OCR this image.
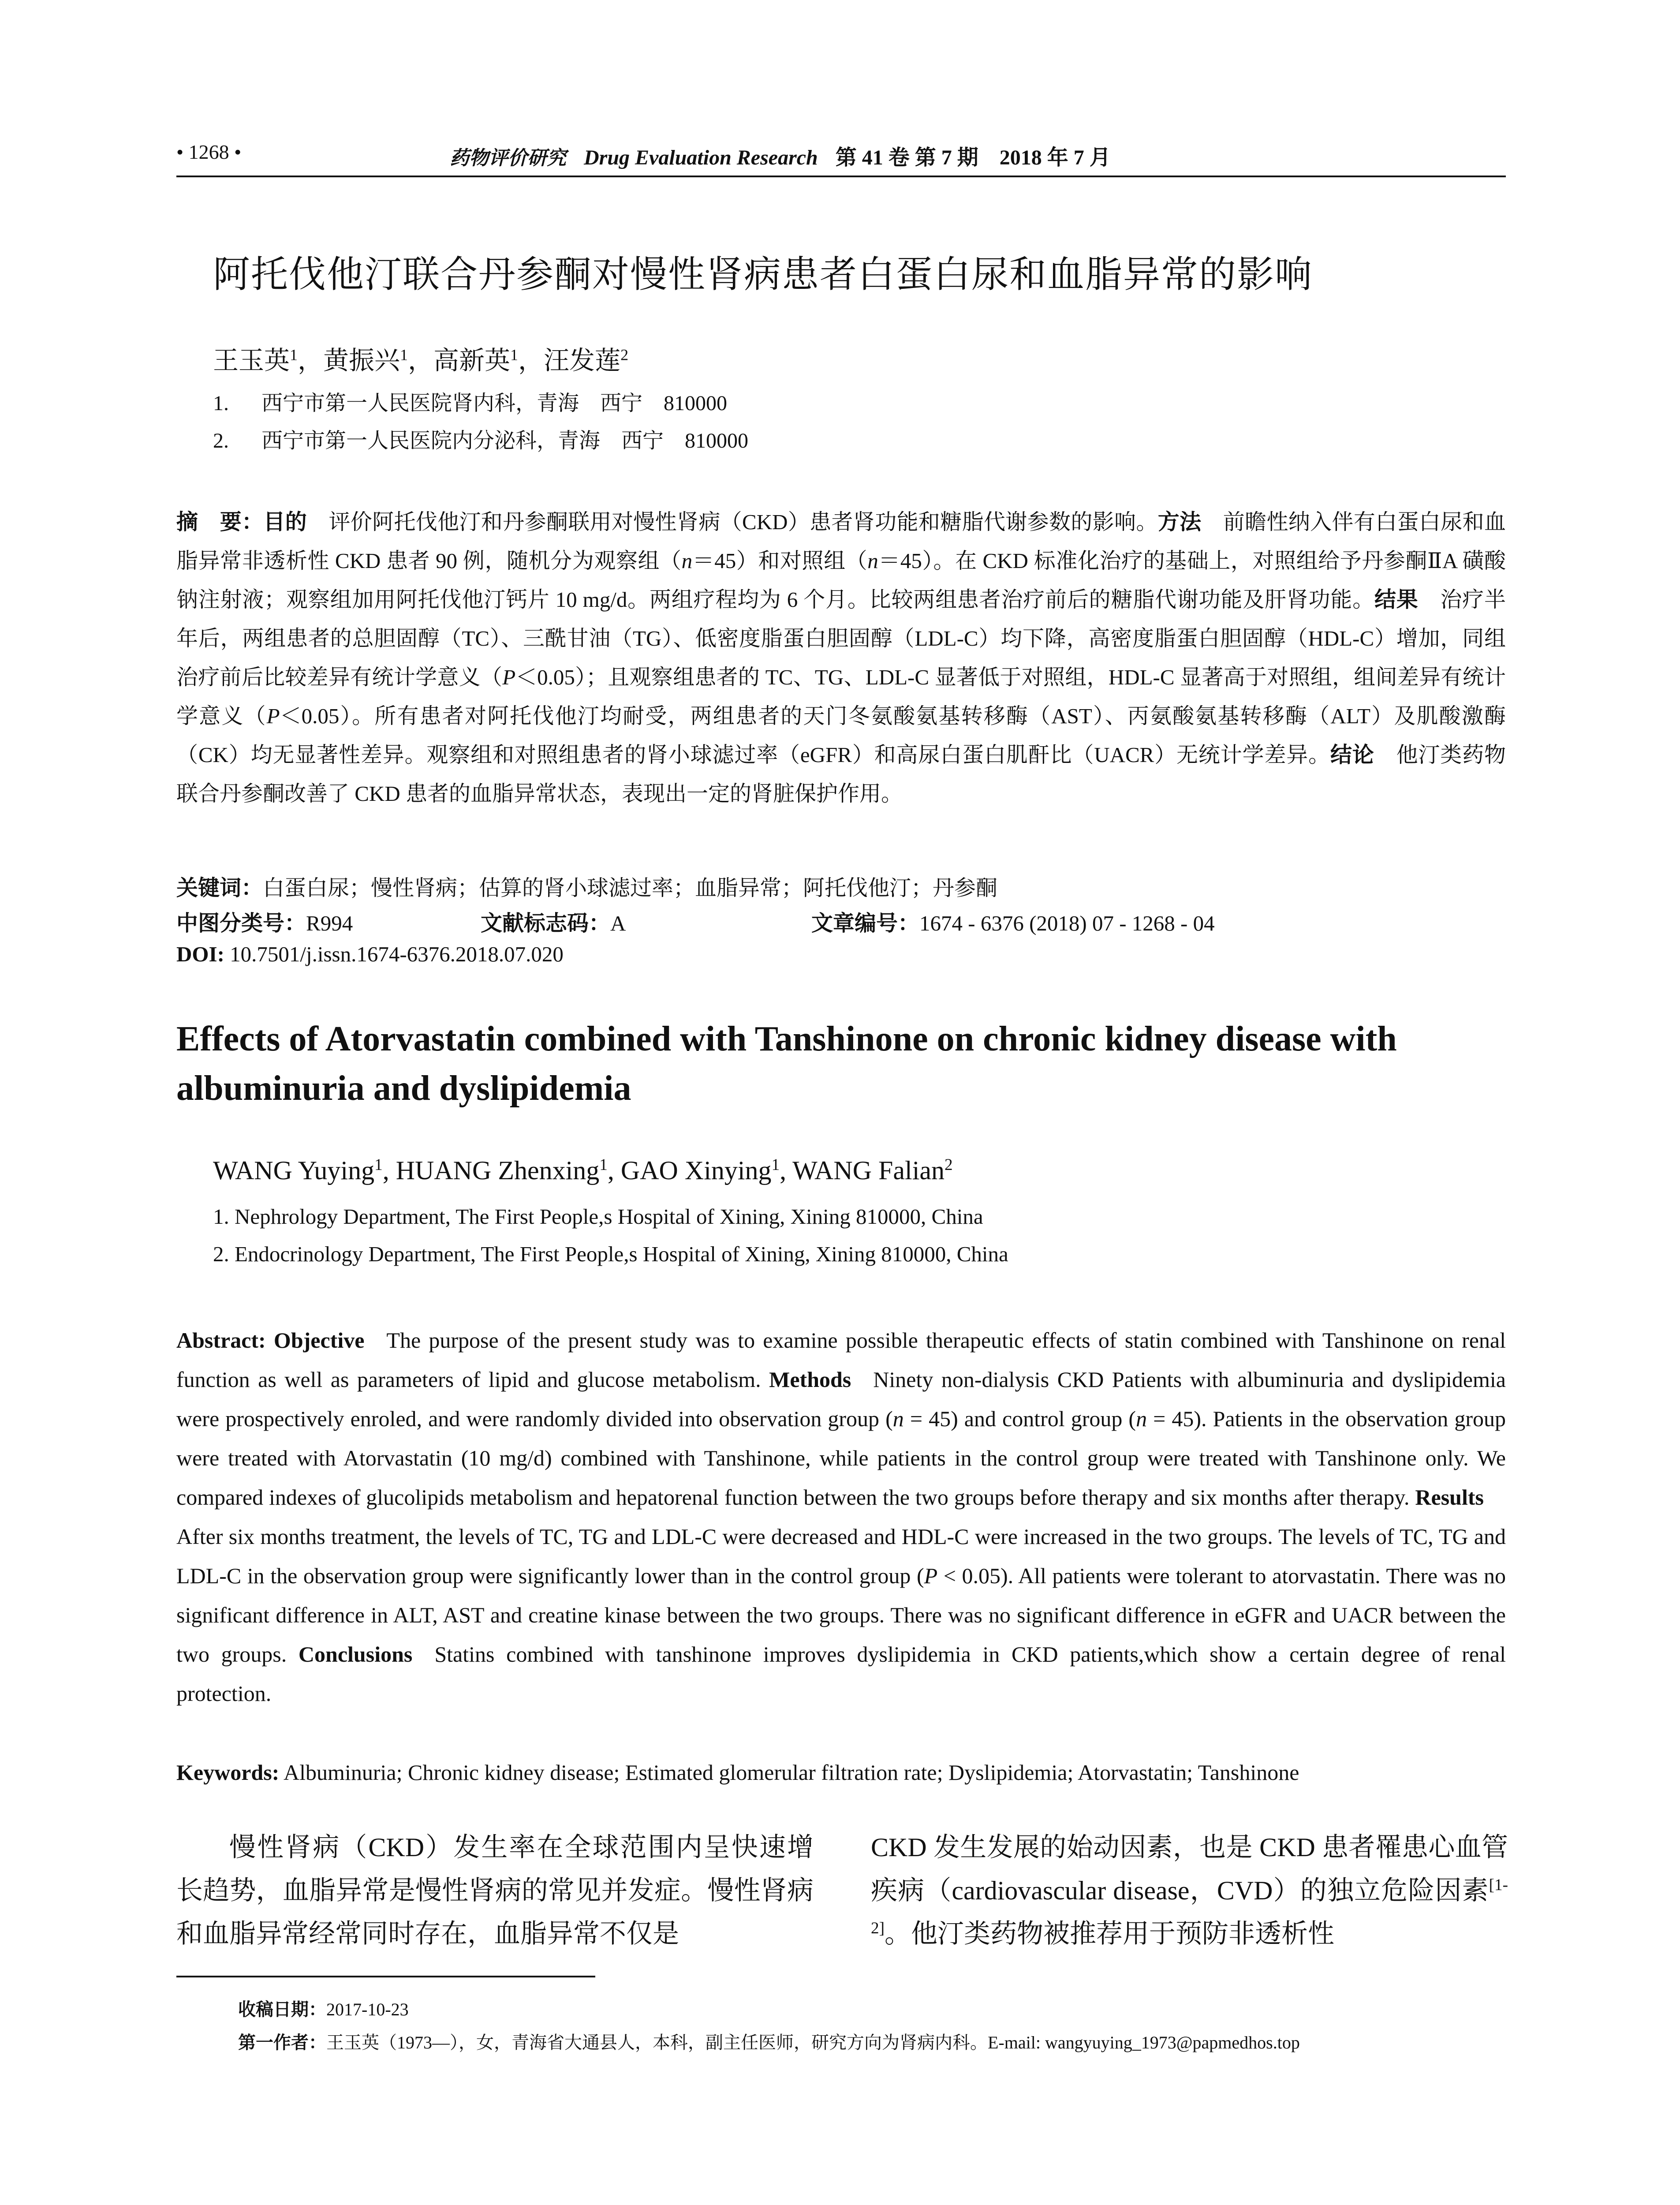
• 1268 •	药物评价研究 Drug Evaluation Research 第 41 卷 第 7 期　2018 年 7 月
阿托伐他汀联合丹参酮对慢性肾病患者白蛋白尿和血脂异常的影响
王玉英$^1$，黄振兴$^1$，高新英$^1$，汪发莲$^2$
1. 西宁市第一人民医院肾内科，青海　西宁　810000
2. 西宁市第一人民医院内分泌科，青海　西宁　810000
摘　要：目的　评价阿托伐他汀和丹参酮联用对慢性肾病（CKD）患者肾功能和糖脂代谢参数的影响。方法　前瞻性纳入伴有白蛋白尿和血脂异常非透析性 CKD 患者 90 例，随机分为观察组（n＝45）和对照组（n＝45）。在 CKD 标准化治疗的基础上，对照组给予丹参酮ⅡA 磺酸钠注射液；观察组加用阿托伐他汀钙片 10 mg/d。两组疗程均为 6 个月。比较两组患者治疗前后的糖脂代谢功能及肝肾功能。结果　治疗半年后，两组患者的总胆固醇（TC）、三酰甘油（TG）、低密度脂蛋白胆固醇（LDL-C）均下降，高密度脂蛋白胆固醇（HDL-C）增加，同组治疗前后比较差异有统计学意义（P＜0.05）；且观察组患者的 TC、TG、LDL-C 显著低于对照组，HDL-C 显著高于对照组，组间差异有统计学意义（P＜0.05）。所有患者对阿托伐他汀均耐受，两组患者的天门冬氨酸氨基转移酶（AST）、丙氨酸氨基转移酶（ALT）及肌酸激酶（CK）均无显著性差异。观察组和对照组患者的肾小球滤过率（eGFR）和高尿白蛋白肌酐比（UACR）无统计学差异。结论　他汀类药物联合丹参酮改善了 CKD 患者的血脂异常状态，表现出一定的肾脏保护作用。
关键词：白蛋白尿；慢性肾病；估算的肾小球滤过率；血脂异常；阿托伐他汀；丹参酮
中图分类号：R994	文献标志码：A	文章编号：1674 - 6376 (2018) 07 - 1268 - 04
DOI: 10.7501/j.issn.1674-6376.2018.07.020
Effects of Atorvastatin combined with Tanshinone on chronic kidney disease with albuminuria and dyslipidemia
WANG Yuying$^1$, HUANG Zhenxing$^1$, GAO Xinying$^1$, WANG Falian$^2$
1. Nephrology Department, The First People,s Hospital of Xining, Xining 810000, China
2. Endocrinology Department, The First People,s Hospital of Xining, Xining 810000, China
Abstract: Objective The purpose of the present study was to examine possible therapeutic effects of statin combined with Tanshinone on renal function as well as parameters of lipid and glucose metabolism. Methods Ninety non-dialysis CKD Patients with albuminuria and dyslipidemia were prospectively enroled, and were randomly divided into observation group (n = 45) and control group (n = 45). Patients in the observation group were treated with Atorvastatin (10 mg/d) combined with Tanshinone, while patients in the control group were treated with Tanshinone only. We compared indexes of glucolipids metabolism and hepatorenal function between the two groups before therapy and six months after therapy. ResultsAfter six months treatment, the levels of TC, TG and LDL-C were decreased and HDL-C were increased in the two groups. The levels of TC, TG and LDL-C in the observation group were significantly lower than in the control group (P < 0.05). All patients were tolerant to atorvastatin. There was no significant difference in ALT, AST and creatine kinase between the two groups. There was no significant difference in eGFR and UACR between the two groups. Conclusions Statins combined with tanshinone improves dyslipidemia in CKD patients,which show a certain degree of renal protection.
Keywords: Albuminuria; Chronic kidney disease; Estimated glomerular filtration rate; Dyslipidemia; Atorvastatin; Tanshinone
慢性肾病（CKD）发生率在全球范围内呈快速增长趋势，血脂异常是慢性肾病的常见并发症。慢性肾病和血脂异常经常同时存在，血脂异常不仅是
CKD 发生发展的始动因素，也是 CKD 患者罹患心血管疾病（cardiovascular disease，CVD）的独立危险因素[1-2]。他汀类药物被推荐用于预防非透析性
收稿日期：2017-10-23
第一作者：王玉英（1973—），女，青海省大通县人，本科，副主任医师，研究方向为肾病内科。E-mail: wangyuying_1973@papmedhos.top
